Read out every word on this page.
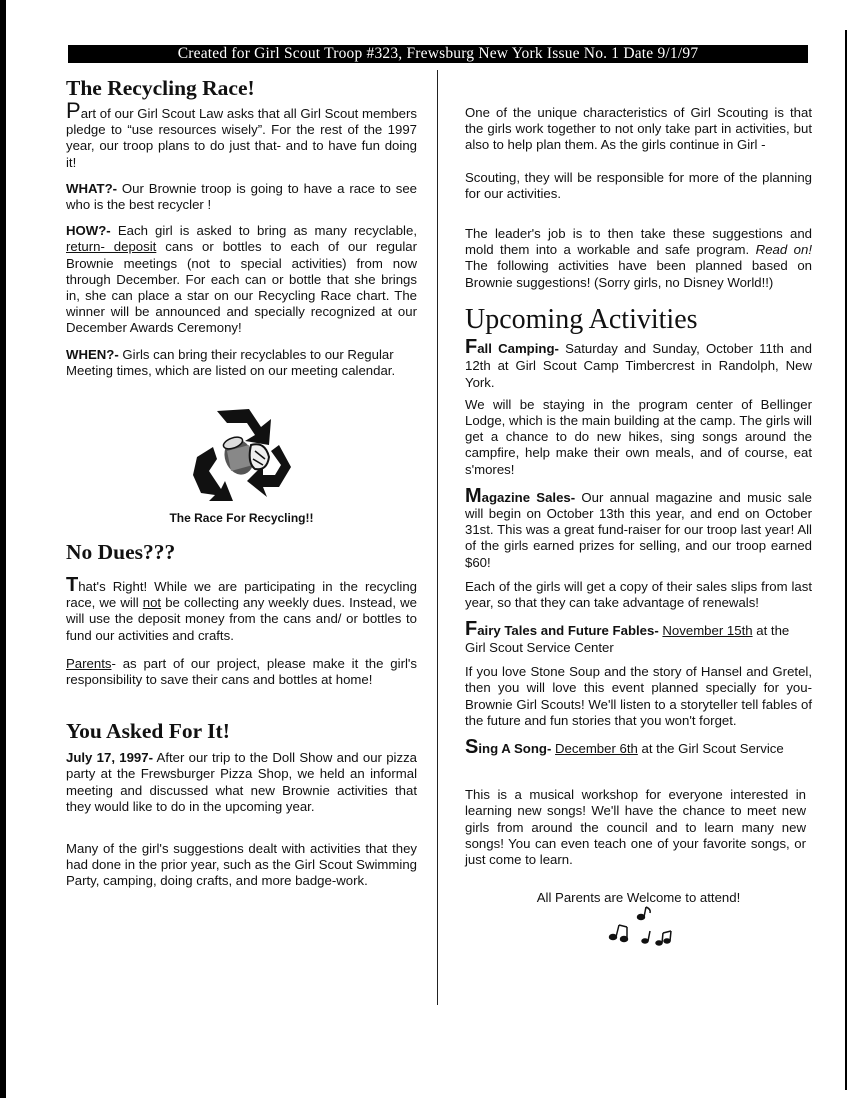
Created for Girl Scout Troop #323, Frewsburg New York Issue No. 1 Date 9/1/97
The Recycling Race!

Part of our Girl Scout Law asks that all Girl Scout members pledge to “use resources wisely”. For the rest of the 1997 year, our troop plans to do just that- and to have fun doing it!

WHAT?- Our Brownie troop is going to have a race to see who is the best recycler !

HOW?- Each girl is asked to bring as many recyclable, return- deposit cans or bottles to each of our regular Brownie meetings (not to special activities) from now through December. For each can or bottle that she brings in, she can place a star on our Recycling Race chart. The winner will be announced and specially recognized at our December Awards Ceremony!

WHEN?- Girls can bring their recyclables to our Regular Meeting times, which are listed on our meeting calendar.

The Race For Recycling!!
No Dues???

That's Right! While we are participating in the recycling race, we will not be collecting any weekly dues. Instead, we will use the deposit money from the cans and/ or bottles to fund our activities and crafts.

Parents- as part of our project, please make it the girl's responsibility to save their cans and bottles at home!

You Asked For It!

July 17, 1997- After our trip to the Doll Show and our pizza party at the Frewsburger Pizza Shop, we held an informal meeting and discussed what new Brownie activities that they would like to do in the upcoming year.

Many of the girl's suggestions dealt with activities that they had done in the prior year, such as the Girl Scout Swimming Party, camping, doing crafts, and more badge-work.

One of the unique characteristics of Girl Scouting is that the girls work together to not only take part in activities, but also to help plan them. As the girls continue in Girl -

Scouting, they will be responsible for more of the planning for our activities.

The leader's job is to then take these suggestions and mold them into a workable and safe program. Read on! The following activities have been planned based on Brownie suggestions! (Sorry girls, no Disney World!!)

Upcoming Activities

Fall Camping- Saturday and Sunday, October 11th and 12th at Girl Scout Camp Timbercrest in Randolph, New York.

We will be staying in the program center of Bellinger Lodge, which is the main building at the camp. The girls will get a chance to do new hikes, sing songs around the campfire, help make their own meals, and of course, eat s'mores!

Magazine Sales- Our annual magazine and music sale will begin on October 13th this year, and end on October 31st. This was a great fund-raiser for our troop last year! All of the girls earned prizes for selling, and our troop earned $60!

Each of the girls will get a copy of their sales slips from last year, so that they can take advantage of renewals!

Fairy Tales and Future Fables- November 15th at the Girl Scout Service Center

If you love Stone Soup and the story of Hansel and Gretel, then you will love this event planned specially for you- Brownie Girl Scouts! We'll listen to a storyteller tell fables of the future and fun stories that you won't forget.

Sing A Song- December 6th at the Girl Scout Service

This is a musical workshop for everyone interested in learning new songs! We'll have the chance to meet new girls from around the council and to learn many new songs! You can even teach one of your favorite songs, or just come to learn.

All Parents are Welcome to attend!
